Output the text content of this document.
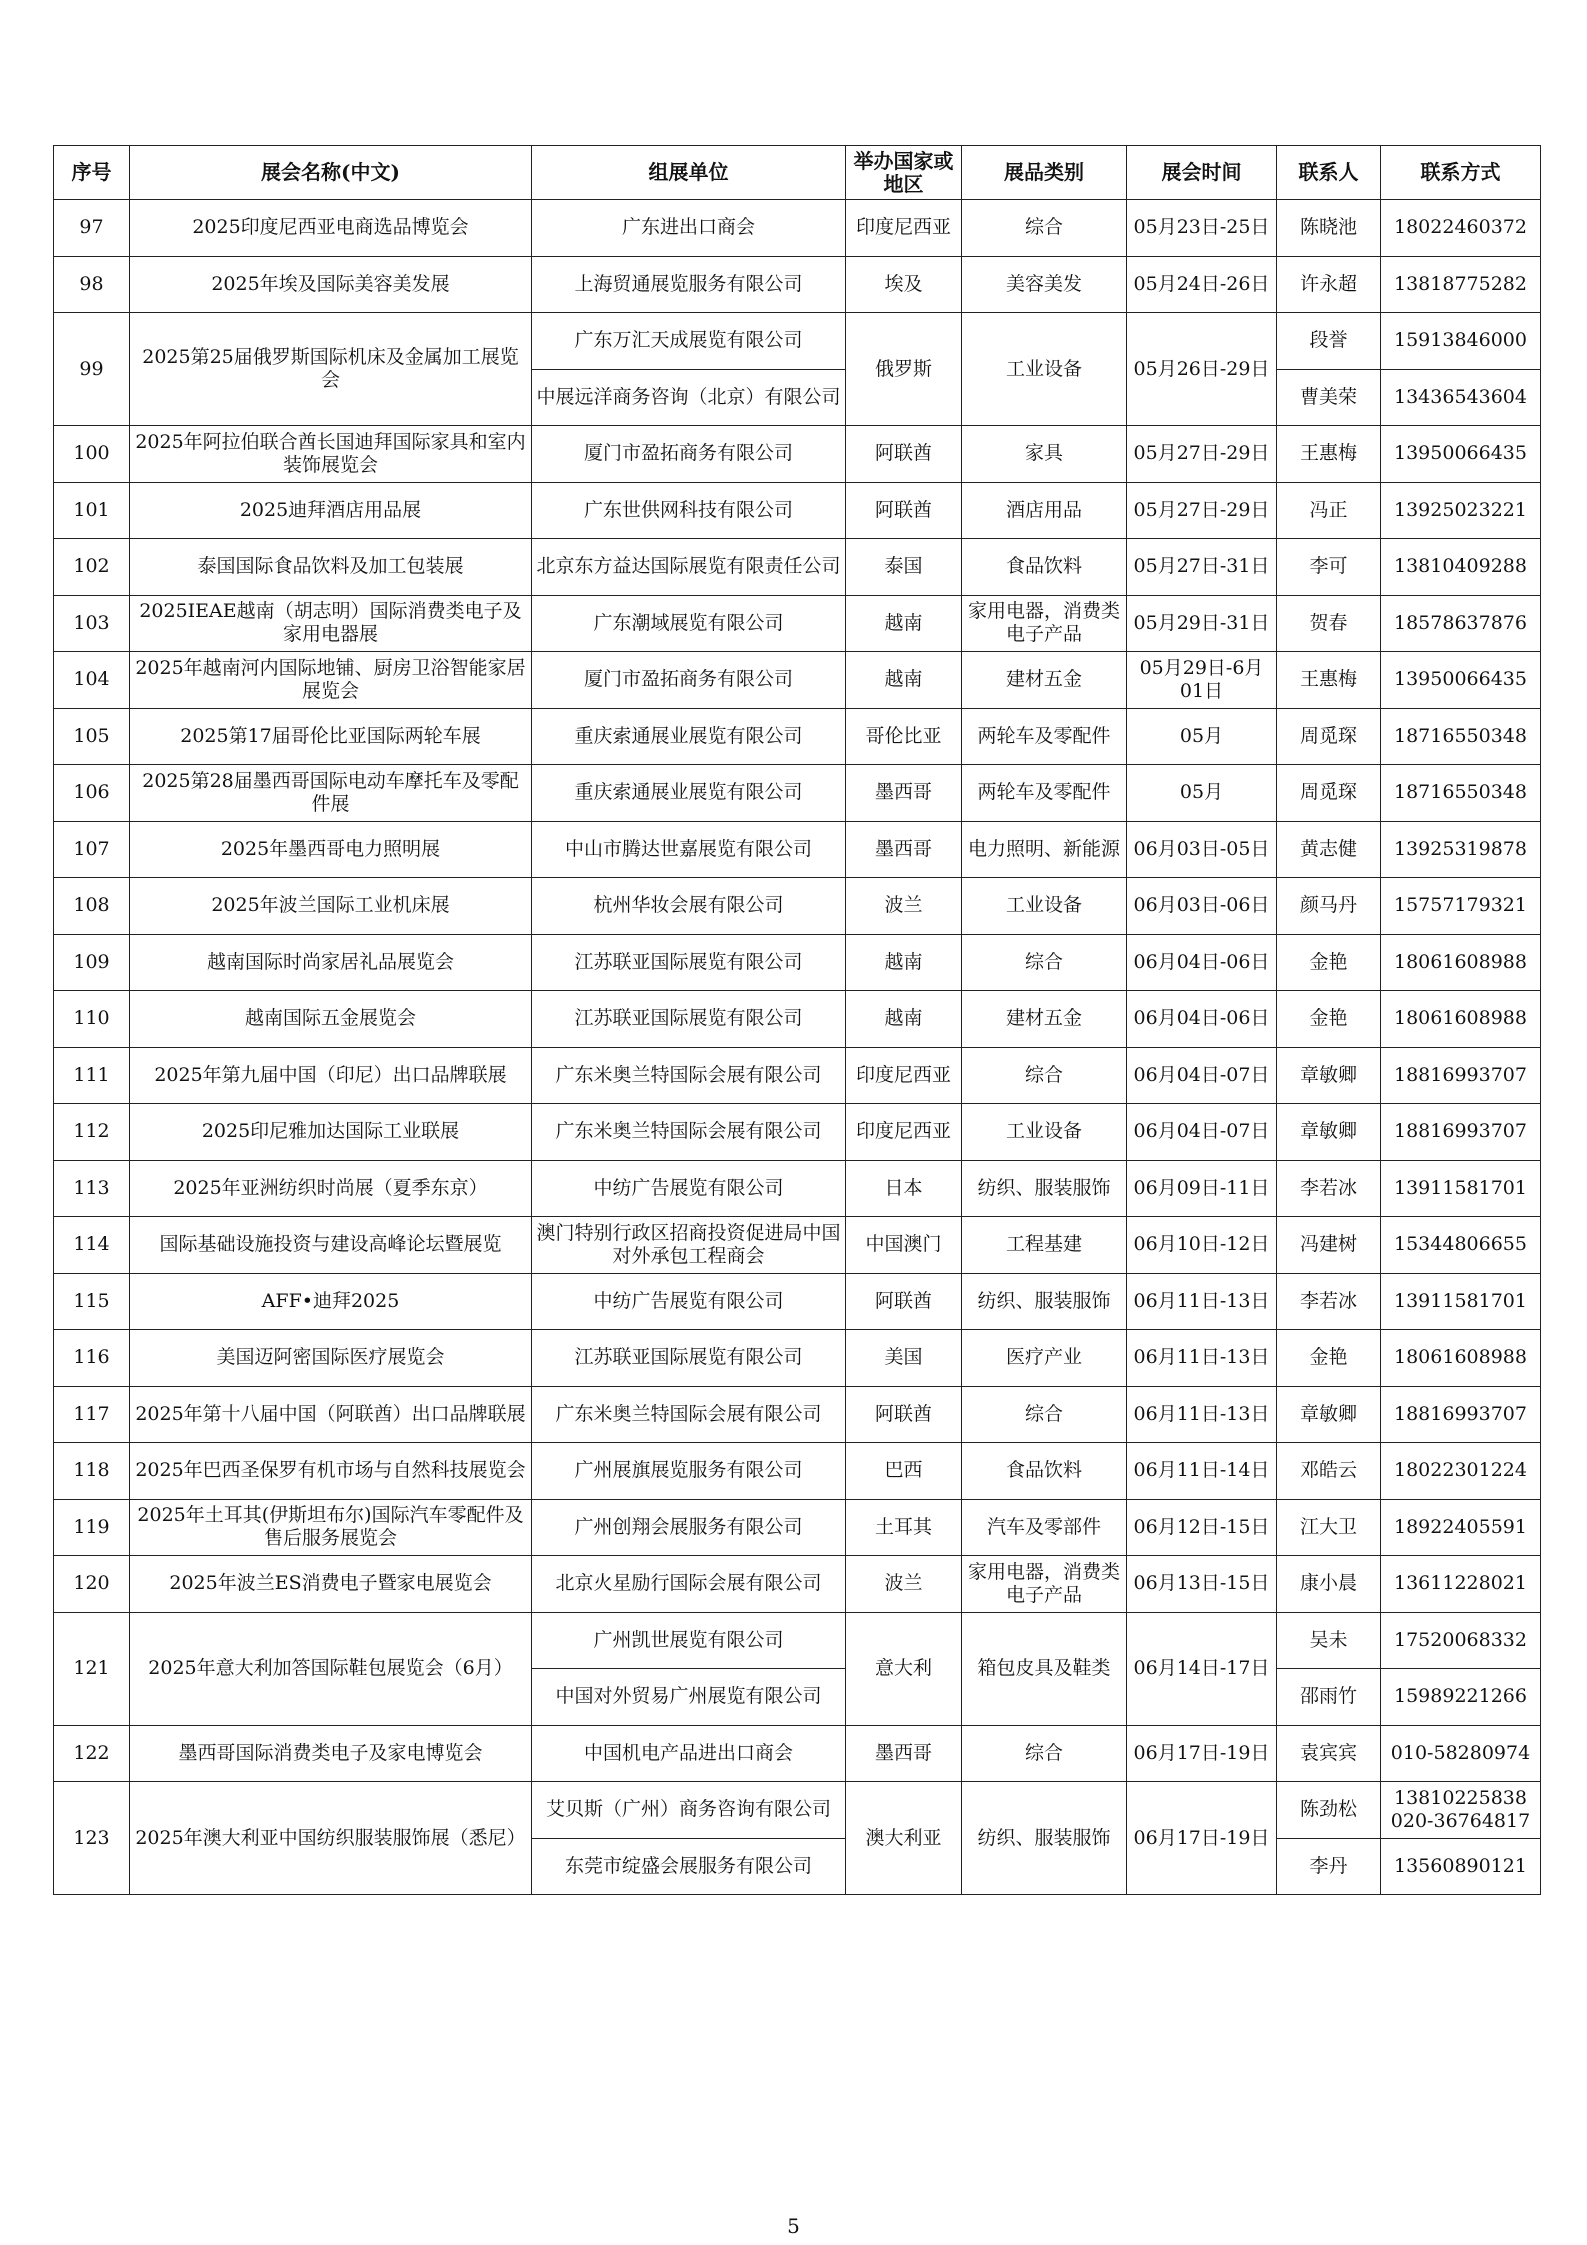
序号	展会名称(中文)	组展单位	举办国家或地区	展品类别	展会时间	联系人	联系方式
97	2025印度尼西亚电商选品博览会	广东进出口商会	印度尼西亚	综合	05月23日-25日	陈晓池	18022460372
98	2025年埃及国际美容美发展	上海贸通展览服务有限公司	埃及	美容美发	05月24日-26日	许永超	13818775282
99	2025第25届俄罗斯国际机床及金属加工展览会	广东万汇天成展览有限公司	俄罗斯	工业设备	05月26日-29日	段誉	15913846000
		中展远洋商务咨询（北京）有限公司				曹美荣	13436543604
100	2025年阿拉伯联合酋长国迪拜国际家具和室内装饰展览会	厦门市盈拓商务有限公司	阿联酋	家具	05月27日-29日	王惠梅	13950066435
101	2025迪拜酒店用品展	广东世供网科技有限公司	阿联酋	酒店用品	05月27日-29日	冯正	13925023221
102	泰国国际食品饮料及加工包装展	北京东方益达国际展览有限责任公司	泰国	食品饮料	05月27日-31日	李可	13810409288
103	2025IEAE越南（胡志明）国际消费类电子及家用电器展	广东潮域展览有限公司	越南	家用电器，消费类电子产品	05月29日-31日	贺春	18578637876
104	2025年越南河内国际地铺、厨房卫浴智能家居展览会	厦门市盈拓商务有限公司	越南	建材五金	05月29日-6月01日	王惠梅	13950066435
105	2025第17届哥伦比亚国际两轮车展	重庆索通展业展览有限公司	哥伦比亚	两轮车及零配件	05月	周觅琛	18716550348
106	2025第28届墨西哥国际电动车摩托车及零配件展	重庆索通展业展览有限公司	墨西哥	两轮车及零配件	05月	周觅琛	18716550348
107	2025年墨西哥电力照明展	中山市腾达世嘉展览有限公司	墨西哥	电力照明、新能源	06月03日-05日	黄志健	13925319878
108	2025年波兰国际工业机床展	杭州华妆会展有限公司	波兰	工业设备	06月03日-06日	颜马丹	15757179321
109	越南国际时尚家居礼品展览会	江苏联亚国际展览有限公司	越南	综合	06月04日-06日	金艳	18061608988
110	越南国际五金展览会	江苏联亚国际展览有限公司	越南	建材五金	06月04日-06日	金艳	18061608988
111	2025年第九届中国（印尼）出口品牌联展	广东米奥兰特国际会展有限公司	印度尼西亚	综合	06月04日-07日	章敏卿	18816993707
112	2025印尼雅加达国际工业联展	广东米奥兰特国际会展有限公司	印度尼西亚	工业设备	06月04日-07日	章敏卿	18816993707
113	2025年亚洲纺织时尚展（夏季东京）	中纺广告展览有限公司	日本	纺织、服装服饰	06月09日-11日	李若冰	13911581701
114	国际基础设施投资与建设高峰论坛暨展览	澳门特别行政区招商投资促进局中国对外承包工程商会	中国澳门	工程基建	06月10日-12日	冯建树	15344806655
115	AFF•迪拜2025	中纺广告展览有限公司	阿联酋	纺织、服装服饰	06月11日-13日	李若冰	13911581701
116	美国迈阿密国际医疗展览会	江苏联亚国际展览有限公司	美国	医疗产业	06月11日-13日	金艳	18061608988
117	2025年第十八届中国（阿联酋）出口品牌联展	广东米奥兰特国际会展有限公司	阿联酋	综合	06月11日-13日	章敏卿	18816993707
118	2025年巴西圣保罗有机市场与自然科技展览会	广州展旗展览服务有限公司	巴西	食品饮料	06月11日-14日	邓皓云	18022301224
119	2025年土耳其(伊斯坦布尔)国际汽车零配件及售后服务展览会	广州创翔会展服务有限公司	土耳其	汽车及零部件	06月12日-15日	江大卫	18922405591
120	2025年波兰ES消费电子暨家电展览会	北京火星励行国际会展有限公司	波兰	家用电器，消费类电子产品	06月13日-15日	康小晨	13611228021
121	2025年意大利加答国际鞋包展览会（6月）	广州凯世展览有限公司	意大利	箱包皮具及鞋类	06月14日-17日	吴未	17520068332
		中国对外贸易广州展览有限公司				邵雨竹	15989221266
122	墨西哥国际消费类电子及家电博览会	中国机电产品进出口商会	墨西哥	综合	06月17日-19日	袁宾宾	010-58280974
123	2025年澳大利亚中国纺织服装服饰展（悉尼）	艾贝斯（广州）商务咨询有限公司	澳大利亚	纺织、服装服饰	06月17日-19日	陈劲松	13810225838 020-36764817
		东莞市绽盛会展服务有限公司				李丹	13560890121
5
